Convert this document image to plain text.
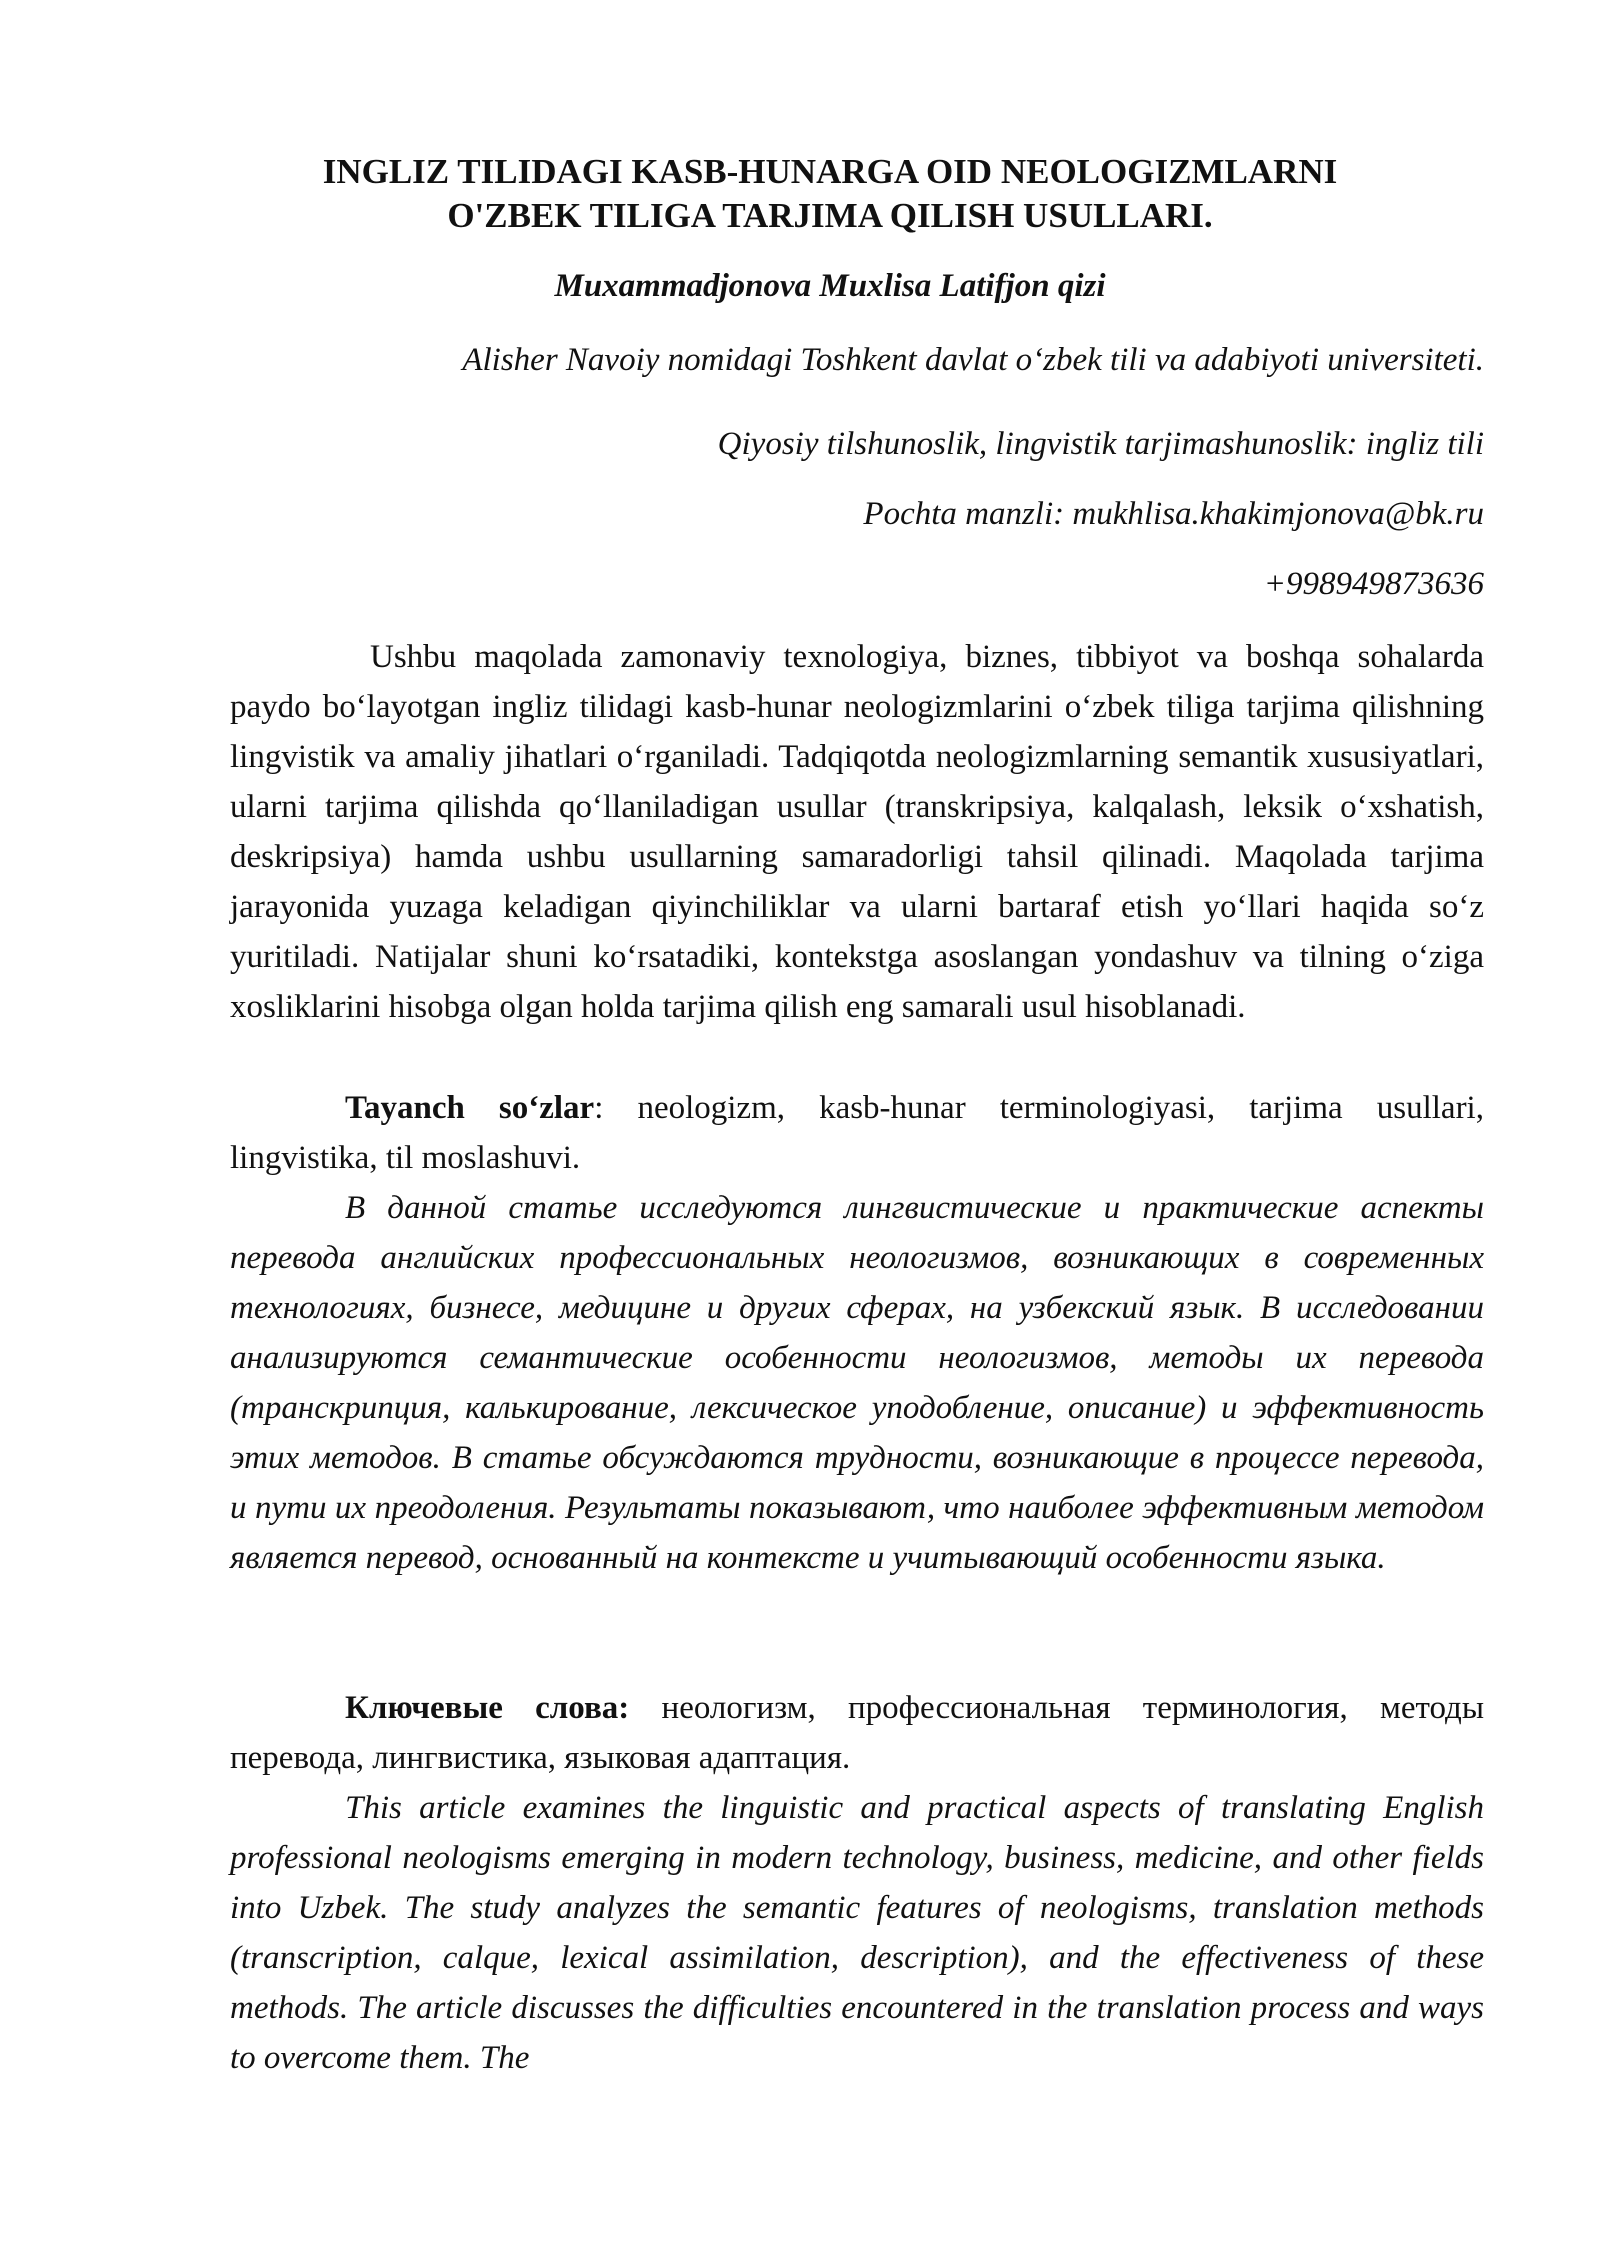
INGLIZ TILIDAGI KASB-HUNARGA OID NEOLOGIZMLARNI
O'ZBEK TILIGA TARJIMA QILISH USULLARI.
Muxammadjonova Muxlisa Latifjon qizi
Alisher Navoiy nomidagi Toshkent davlat oʻzbek tili va adabiyoti universiteti.
Qiyosiy tilshunoslik, lingvistik tarjimashunoslik: ingliz tili
Pochta manzli: mukhlisa.khakimjonova@bk.ru
+998949873636

Ushbu maqolada zamonaviy texnologiya, biznes, tibbiyot va boshqa sohalarda paydo boʻlayotgan ingliz tilidagi kasb-hunar neologizmlarini oʻzbek tiliga tarjima qilishning lingvistik va amaliy jihatlari oʻrganiladi. Tadqiqotda neologizmlarning semantik xususiyatlari, ularni tarjima qilishda qoʻllaniladigan usullar (transkripsiya, kalqalash, leksik oʻxshatish, deskripsiya) hamda ushbu usullarning samaradorligi tahsil qilinadi. Maqolada tarjima jarayonida yuzaga keladigan qiyinchiliklar va ularni bartaraf etish yoʻllari haqida soʻz yuritiladi. Natijalar shuni koʻrsatadiki, kontekstga asoslangan yondashuv va tilning oʻziga xosliklarini hisobga olgan holda tarjima qilish eng samarali usul hisoblanadi.

Tayanch soʻzlar: neologizm, kasb-hunar terminologiyasi, tarjima usullari, lingvistika, til moslashuvi.

В данной статье исследуются лингвистические и практические аспекты перевода английских профессиональных неологизмов, возникающих в современных технологиях, бизнесе, медицине и других сферах, на узбекский язык. В исследовании анализируются семантические особенности неологизмов, методы их перевода (транскрипция, калькирование, лексическое уподобление, описание) и эффективность этих методов. В статье обсуждаются трудности, возникающие в процессе перевода, и пути их преодоления. Результаты показывают, что наиболее эффективным методом является перевод, основанный на контексте и учитывающий особенности языка.

Ключевые слова: неологизм, профессиональная терминология, методы перевода, лингвистика, языковая адаптация.

This article examines the linguistic and practical aspects of translating English professional neologisms emerging in modern technology, business, medicine, and other fields into Uzbek. The study analyzes the semantic features of neologisms, translation methods (transcription, calque, lexical assimilation, description), and the effectiveness of these methods. The article discusses the difficulties encountered in the translation process and ways to overcome them. The
